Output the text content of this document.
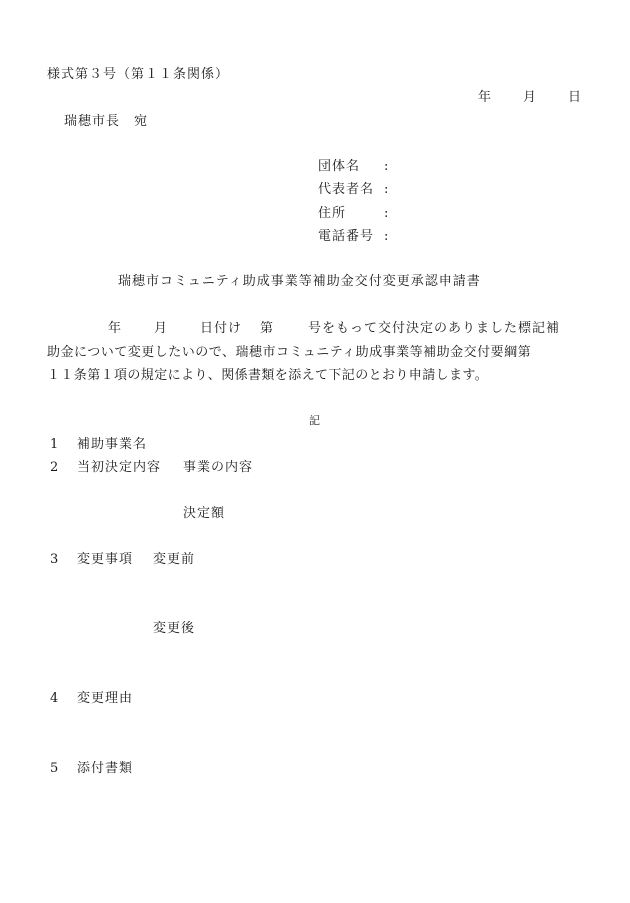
様式第３号（第１１条関係）
年 月 日
瑞穂市長　宛
団体名 :
代表者名 :
住所	:
電話番号 :
瑞穂市コミュニティ助成事業等補助金交付変更承認申請書
年	月	日付け 第	号をもって交付決定のありました標記補
助金について変更したいので、瑞穂市コミュニティ助成事業等補助金交付要綱第
１１条第１項の規定により、関係書類を添えて下記のとおり申請します。
記
1 補助事業名
2 当初決定内容 事業の内容
決定額
3 変更事項 変更前
変更後
4 変更理由
5 添付書類
